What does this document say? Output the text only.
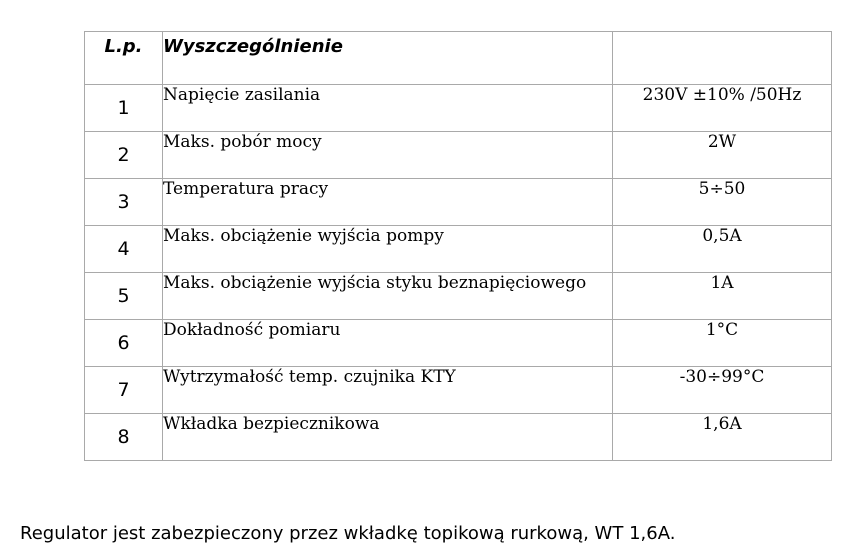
L.p.	Wyszczególnienie	
1	Napięcie zasilania	230V ±10% /50Hz
2	Maks. pobór mocy	2W
3	Temperatura pracy	5÷50
4	Maks. obciążenie wyjścia pompy	0,5A
5	Maks. obciążenie wyjścia styku beznapięciowego	1A
6	Dokładność pomiaru	1°C
7	Wytrzymałość temp. czujnika KTY	-30÷99°C
8	Wkładka bezpiecznikowa	1,6A

Regulator jest zabezpieczony przez wkładkę topikową rurkową, WT 1,6A.
